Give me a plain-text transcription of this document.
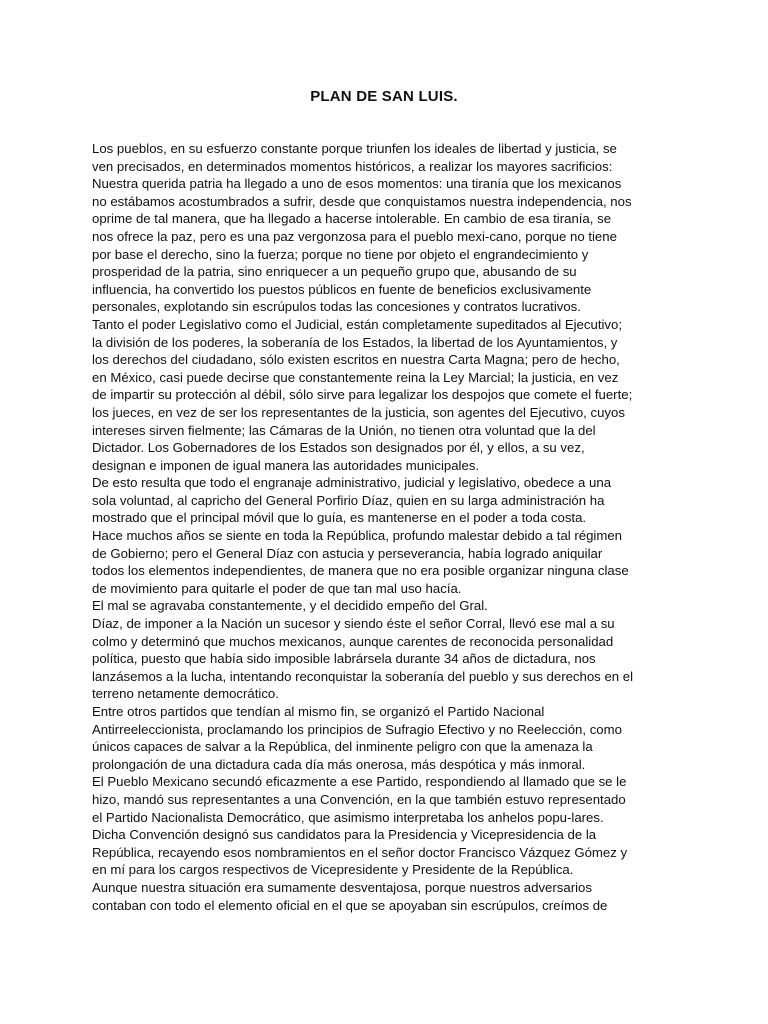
PLAN DE SAN LUIS.
Los pueblos, en su esfuerzo constante porque triunfen los ideales de libertad y justicia, se
ven precisados, en determinados momentos históricos, a realizar los mayores sacrificios:
Nuestra querida patria ha llegado a uno de esos momentos: una tiranía que los mexicanos
no estábamos acostumbrados a sufrir, desde que conquistamos nuestra independencia, nos
oprime de tal manera, que ha llegado a hacerse intolerable. En cambio de esa tiranía, se
nos ofrece la paz, pero es una paz vergonzosa para el pueblo mexi-cano, porque no tiene
por base el derecho, sino la fuerza; porque no tiene por objeto el engrandecimiento y
prosperidad de la patria, sino enriquecer a un pequeño grupo que, abusando de su
influencia, ha convertido los puestos públicos en fuente de beneficios exclusivamente
personales, explotando sin escrúpulos todas las concesiones y contratos lucrativos.
Tanto el poder Legislativo como el Judicial, están completamente supeditados al Ejecutivo;
la división de los poderes, la soberanía de los Estados, la libertad de los Ayuntamientos, y
los derechos del ciudadano, sólo existen escritos en nuestra Carta Magna; pero de hecho,
en México, casi puede decirse que constantemente reina la Ley Marcial; la justicia, en vez
de impartir su protección al débil, sólo sirve para legalizar los despojos que comete el fuerte;
los jueces, en vez de ser los representantes de la justicia, son agentes del Ejecutivo, cuyos
intereses sirven fielmente; las Cámaras de la Unión, no tienen otra voluntad que la del
Dictador. Los Gobernadores de los Estados son designados por él, y ellos, a su vez,
designan e imponen de igual manera las autoridades municipales.
De esto resulta que todo el engranaje administrativo, judicial y legislativo, obedece a una
sola voluntad, al capricho del General Porfirio Díaz, quien en su larga administración ha
mostrado que el principal móvil que lo guía, es mantenerse en el poder a toda costa.
Hace muchos años se siente en toda la República, profundo malestar debido a tal régimen
de Gobierno; pero el General Díaz con astucia y perseverancia, había logrado aniquilar
todos los elementos independientes, de manera que no era posible organizar ninguna clase
de movimiento para quitarle el poder de que tan mal uso hacía.
El mal se agravaba constantemente, y el decidido empeño del Gral.
Díaz, de imponer a la Nación un sucesor y siendo éste el señor Corral, llevó ese mal a su
colmo y determinó que muchos mexicanos, aunque carentes de reconocida personalidad
política, puesto que había sido imposible labrársela durante 34 años de dictadura, nos
lanzásemos a la lucha, intentando reconquistar la soberanía del pueblo y sus derechos en el
terreno netamente democrático.
Entre otros partidos que tendían al mismo fin, se organizó el Partido Nacional
Antirreeleccionista, proclamando los principios de Sufragio Efectivo y no Reelección, como
únicos capaces de salvar a la República, del inminente peligro con que la amenaza la
prolongación de una dictadura cada día más onerosa, más despótica y más inmoral.
El Pueblo Mexicano secundó eficazmente a ese Partido, respondiendo al llamado que se le
hizo, mandó sus representantes a una Convención, en la que también estuvo representado
el Partido Nacionalista Democrático, que asimismo interpretaba los anhelos popu-lares.
Dicha Convención designó sus candidatos para la Presidencia y Vicepresidencia de la
República, recayendo esos nombramientos en el señor doctor Francisco Vázquez Gómez y
en mí para los cargos respectivos de Vicepresidente y Presidente de la República.
Aunque nuestra situación era sumamente desventajosa, porque nuestros adversarios
contaban con todo el elemento oficial en el que se apoyaban sin escrúpulos, creímos de
